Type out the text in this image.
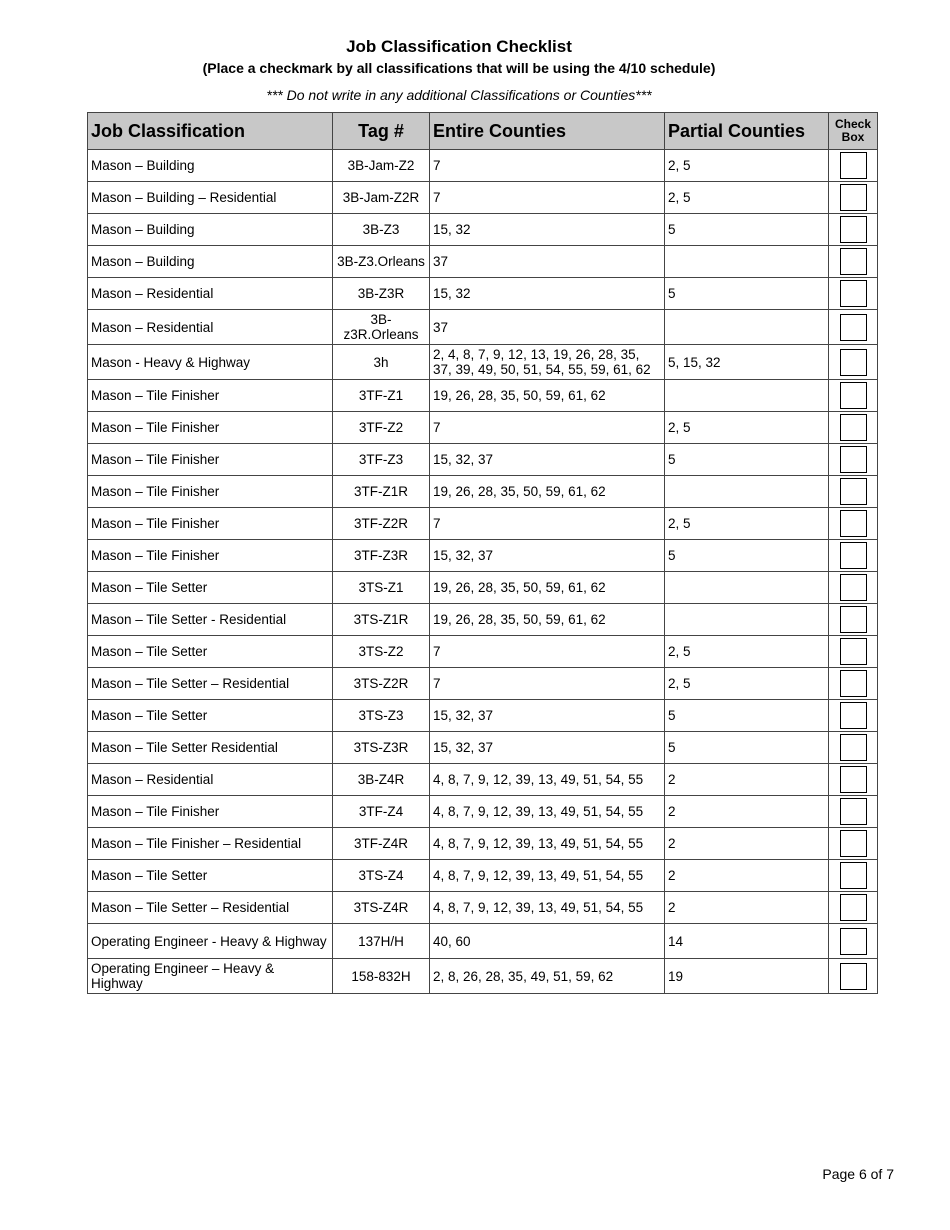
Job Classification Checklist

(Place a checkmark by all classifications that will be using the 4/10 schedule)

*** Do not write in any additional Classifications or Counties***
Job Classification	Tag #	Entire Counties	Partial Counties	Check
Box
Mason – Building	3B-Jam-Z2	7	2, 5	
Mason – Building – Residential	3B-Jam-Z2R	7	2, 5	
Mason – Building	3B-Z3	15, 32	5	
Mason – Building	3B-Z3.Orleans	37		
Mason – Residential	3B-Z3R	15, 32	5	
Mason – Residential	3B-z3R.Orleans	37		
Mason - Heavy & Highway	3h	2, 4, 8, 7, 9, 12, 13, 19, 26, 28, 35, 37, 39, 49, 50, 51, 54, 55, 59, 61, 62	5, 15, 32	
Mason – Tile Finisher	3TF-Z1	19, 26, 28, 35, 50, 59, 61, 62		
Mason – Tile Finisher	3TF-Z2	7	2, 5	
Mason – Tile Finisher	3TF-Z3	15, 32, 37	5	
Mason – Tile Finisher	3TF-Z1R	19, 26, 28, 35, 50, 59, 61, 62		
Mason – Tile Finisher	3TF-Z2R	7	2, 5	
Mason – Tile Finisher	3TF-Z3R	15, 32, 37	5	
Mason – Tile Setter	3TS-Z1	19, 26, 28, 35, 50, 59, 61, 62		
Mason – Tile Setter - Residential	3TS-Z1R	19, 26, 28, 35, 50, 59, 61, 62		
Mason – Tile Setter	3TS-Z2	7	2, 5	
Mason – Tile Setter – Residential	3TS-Z2R	7	2, 5	
Mason – Tile Setter	3TS-Z3	15, 32, 37	5	
Mason – Tile Setter Residential	3TS-Z3R	15, 32, 37	5	
Mason – Residential	3B-Z4R	4, 8, 7, 9, 12, 39, 13, 49, 51, 54, 55	2	
Mason – Tile Finisher	3TF-Z4	4, 8, 7, 9, 12, 39, 13, 49, 51, 54, 55	2	
Mason – Tile Finisher – Residential	3TF-Z4R	4, 8, 7, 9, 12, 39, 13, 49, 51, 54, 55	2	
Mason – Tile Setter	3TS-Z4	4, 8, 7, 9, 12, 39, 13, 49, 51, 54, 55	2	
Mason – Tile Setter – Residential	3TS-Z4R	4, 8, 7, 9, 12, 39, 13, 49, 51, 54, 55	2	
Operating Engineer - Heavy & Highway	137H/H	40, 60	14	
Operating Engineer – Heavy & Highway	158-832H	2, 8, 26, 28, 35, 49, 51, 59, 62	19	
Page 6 of 7
